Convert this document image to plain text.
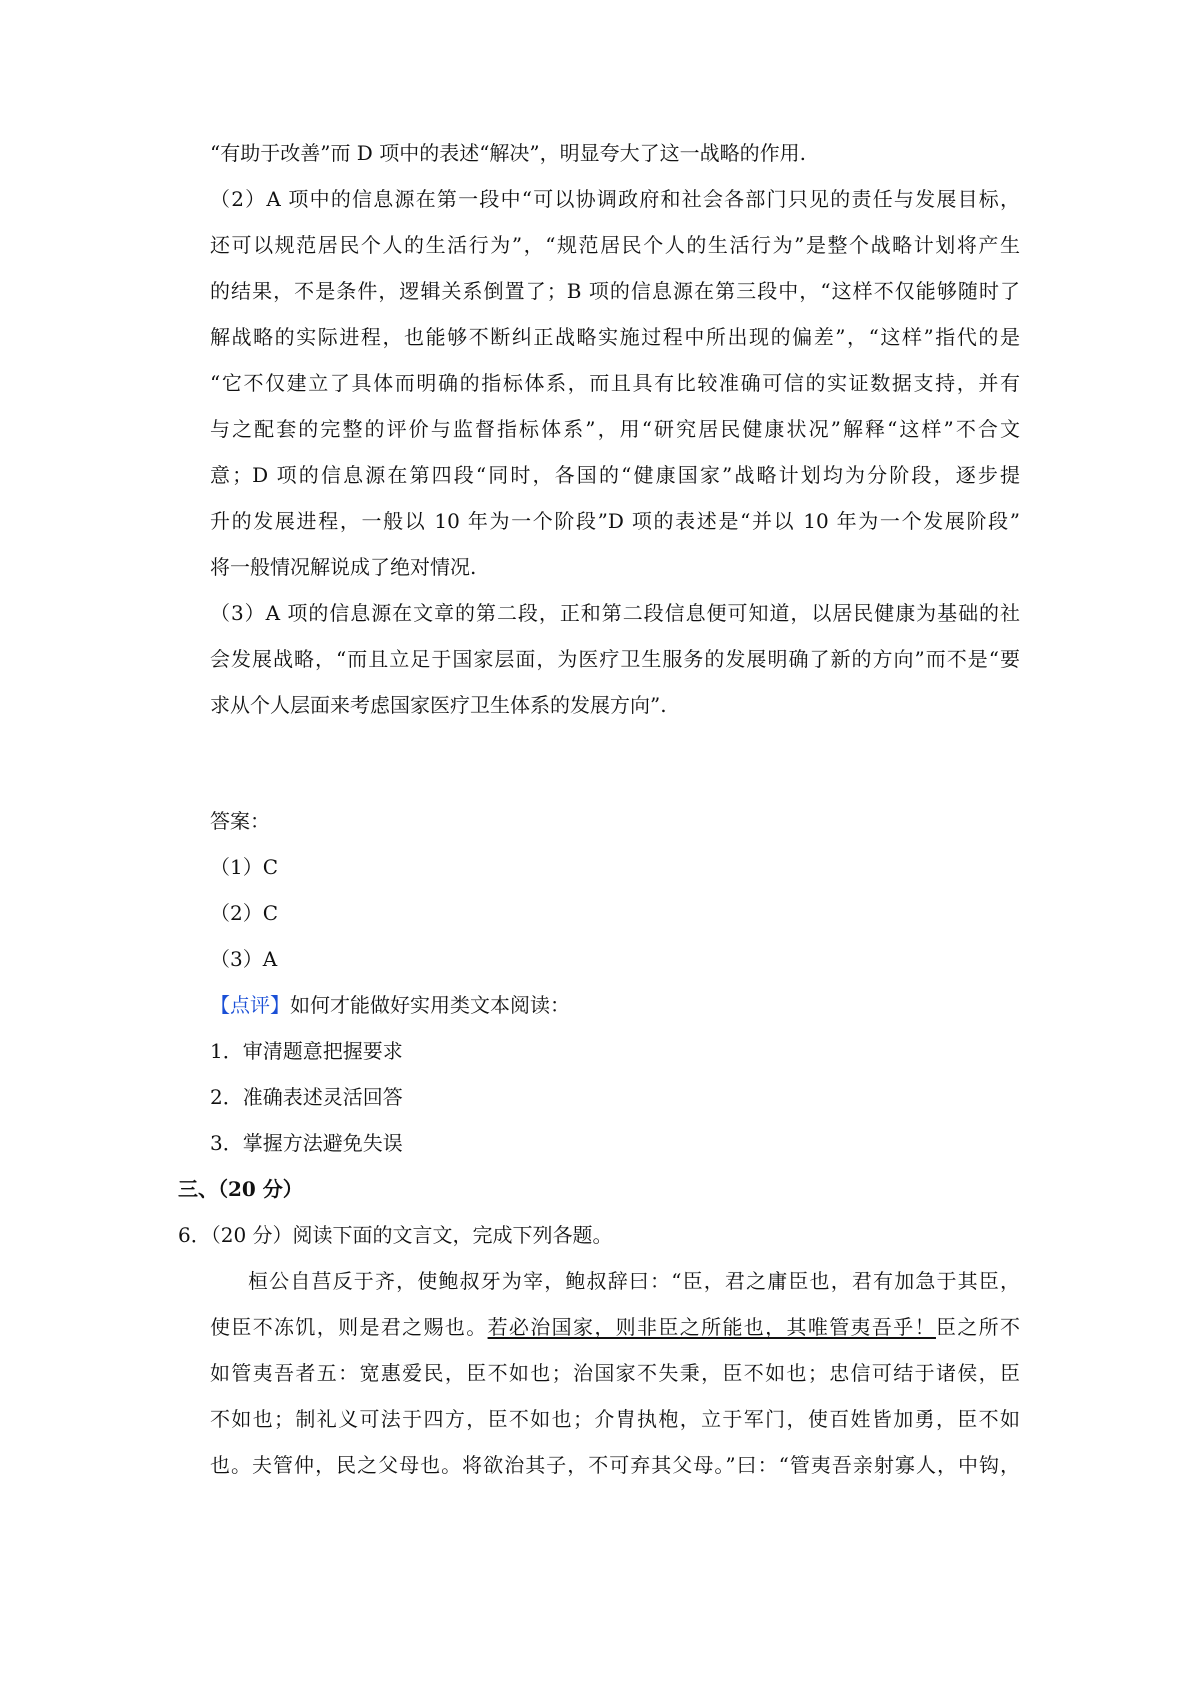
“有助于改善”而 D 项中的表述“解决”，明显夸大了这一战略的作用.
（2）A 项中的信息源在第一段中“可以协调政府和社会各部门只见的责任与发展目标，
还可以规范居民个人的生活行为”，“规范居民个人的生活行为”是整个战略计划将产生
的结果，不是条件，逻辑关系倒置了；B 项的信息源在第三段中，“这样不仅能够随时了
解战略的实际进程，也能够不断纠正战略实施过程中所出现的偏差”，“这样”指代的是
“它不仅建立了具体而明确的指标体系，而且具有比较准确可信的实证数据支持，并有
与之配套的完整的评价与监督指标体系”，用“研究居民健康状况”解释“这样”不合文
意；D 项的信息源在第四段“同时，各国的“健康国家”战略计划均为分阶段，逐步提
升的发展进程，一般以 10 年为一个阶段”D 项的表述是“并以 10 年为一个发展阶段”
将一般情况解说成了绝对情况.
（3）A 项的信息源在文章的第二段，正和第二段信息便可知道，以居民健康为基础的社
会发展战略，“而且立足于国家层面，为医疗卫生服务的发展明确了新的方向”而不是“要
求从个人层面来考虑国家医疗卫生体系的发展方向”.
答案：
（1）C
（2）C
（3）A
【点评】如何才能做好实用类文本阅读：
1．审清题意把握要求
2．准确表述灵活回答
3．掌握方法避免失误
三、（20 分）
6．（20 分）阅读下面的文言文，完成下列各题。
桓公自莒反于齐，使鲍叔牙为宰，鲍叔辞曰：“臣，君之庸臣也，君有加急于其臣，
使臣不冻饥，则是君之赐也。若必治国家，则非臣之所能也，其唯管夷吾乎！臣之所不
如管夷吾者五：宽惠爱民，臣不如也；治国家不失秉，臣不如也；忠信可结于诸侯，臣
不如也；制礼义可法于四方，臣不如也；介胄执枹，立于军门，使百姓皆加勇，臣不如
也。夫管仲，民之父母也。将欲治其子，不可弃其父母。”曰：“管夷吾亲射寡人，中钩，
